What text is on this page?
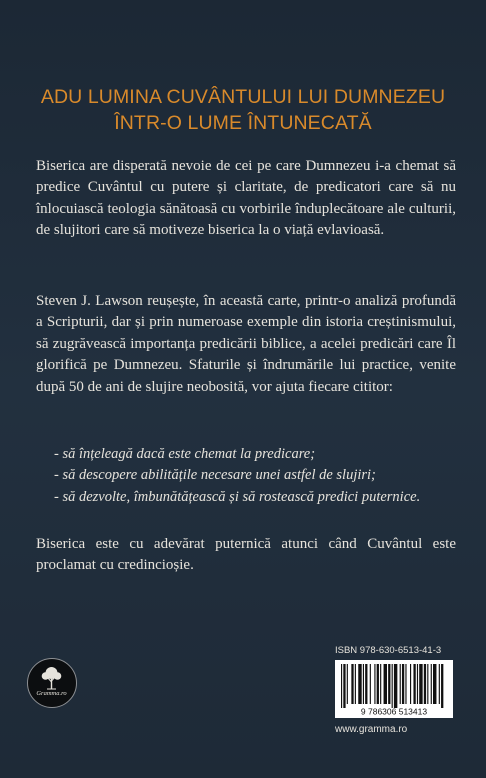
ADU LUMINA CUVÂNTULUI LUI DUMNEZEU
ÎNTR-O LUME ÎNTUNECATĂ
Biserica are disperată nevoie de cei pe care Dumnezeu i-a chemat să predice Cuvântul cu putere și claritate, de predicatori care să nu înlocuiască teologia sănătoasă cu vorbirile înduplecătoare ale culturii, de slujitori care să motiveze biserica la o viață evlavioasă.
Steven J. Lawson reușește, în această carte, printr-o analiză profundă a Scripturii, dar și prin numeroase exemple din istoria creștinismului, să zugrăvească importanța predicării biblice, a acelei predicări care Îl glorifică pe Dumnezeu. Sfaturile și îndrumările lui practice, venite după 50 de ani de slujire neobosită, vor ajuta fiecare cititor:
- să înțeleagă dacă este chemat la predicare;
- să descopere abilitățile necesare unei astfel de slujiri;
- să dezvolte, îmbunătățească și să rostească predici puternice.
Biserica este cu adevărat puternică atunci când Cuvântul este proclamat cu credincioșie.
Gramma.ro
ISBN 978-630-6513-41-3
9 786306 513413
www.gramma.ro
